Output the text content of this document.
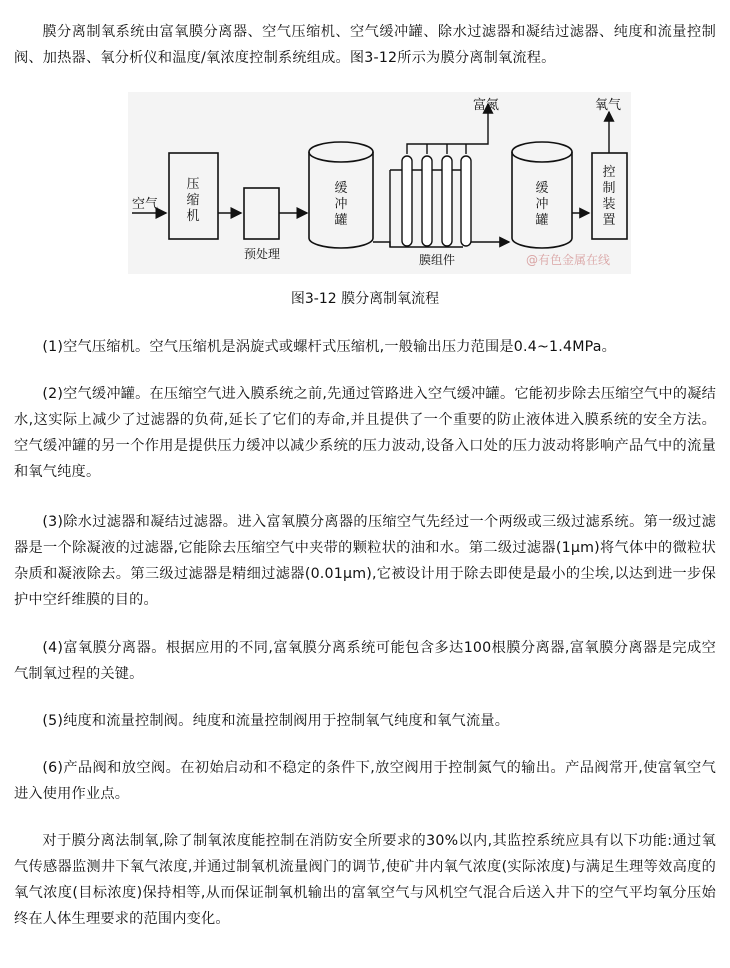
膜分离制氧系统由富氧膜分离器、空气压缩机、空气缓冲罐、除水过滤器和凝结过滤器、纯度和流量控制阀、加热器、氧分析仪和温度/氧浓度控制系统组成。图3-12所示为膜分离制氧流程。

空气
压缩机
预处理
缓冲罐
膜组件
富氮
缓冲罐
控制装置
氧气
@有色金属在线
图3-12 膜分离制氧流程

(1)空气压缩机。空气压缩机是涡旋式或螺杆式压缩机,一般输出压力范围是0.4~1.4MPa。

(2)空气缓冲罐。在压缩空气进入膜系统之前,先通过管路进入空气缓冲罐。它能初步除去压缩空气中的凝结水,这实际上减少了过滤器的负荷,延长了它们的寿命,并且提供了一个重要的防止液体进入膜系统的安全方法。空气缓冲罐的另一个作用是提供压力缓冲以减少系统的压力波动,设备入口处的压力波动将影响产品气中的流量和氧气纯度。

(3)除水过滤器和凝结过滤器。进入富氧膜分离器的压缩空气先经过一个两级或三级过滤系统。第一级过滤器是一个除凝液的过滤器,它能除去压缩空气中夹带的颗粒状的油和水。第二级过滤器(1μm)将气体中的微粒状杂质和凝液除去。第三级过滤器是精细过滤器(0.01μm),它被设计用于除去即使是最小的尘埃,以达到进一步保护中空纤维膜的目的。

(4)富氧膜分离器。根据应用的不同,富氧膜分离系统可能包含多达100根膜分离器,富氧膜分离器是完成空气制氧过程的关键。

(5)纯度和流量控制阀。纯度和流量控制阀用于控制氧气纯度和氧气流量。

(6)产品阀和放空阀。在初始启动和不稳定的条件下,放空阀用于控制氮气的输出。产品阀常开,使富氧空气进入使用作业点。

对于膜分离法制氧,除了制氧浓度能控制在消防安全所要求的30%以内,其监控系统应具有以下功能:通过氧气传感器监测井下氧气浓度,并通过制氧机流量阀门的调节,使矿井内氧气浓度(实际浓度)与满足生理等效高度的氧气浓度(目标浓度)保持相等,从而保证制氧机输出的富氧空气与风机空气混合后送入井下的空气平均氧分压始终在人体生理要求的范围内变化。
